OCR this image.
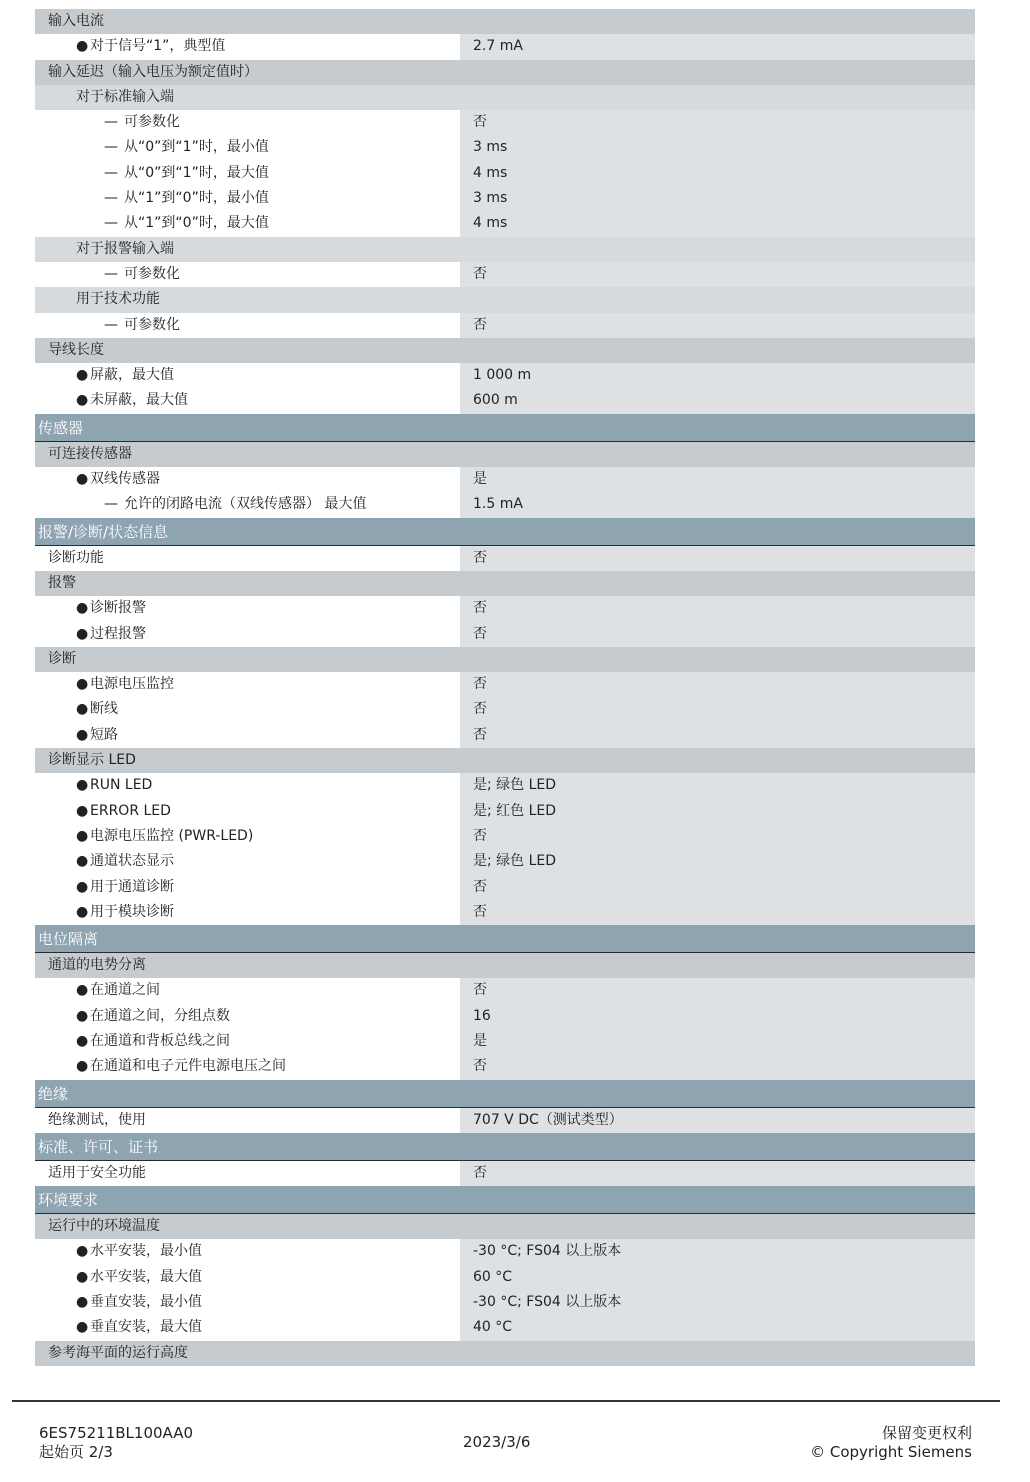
输入电流
● 对于信号“1”，典型值	2.7 mA
输入延迟（输入电压为额定值时）
对于标准输入端
— 可参数化	否
— 从“0”到“1”时，最小值	3 ms
— 从“0”到“1”时，最大值	4 ms
— 从“1”到“0”时，最小值	3 ms
— 从“1”到“0”时，最大值	4 ms
对于报警输入端
— 可参数化	否
用于技术功能
— 可参数化	否
导线长度
● 屏蔽，最大值	1 000 m
● 未屏蔽，最大值	600 m
传感器
可连接传感器
● 双线传感器	是
— 允许的闭路电流（双线传感器） 最大值	1.5 mA
报警/诊断/状态信息
诊断功能	否
报警
● 诊断报警	否
● 过程报警	否
诊断
● 电源电压监控	否
● 断线	否
● 短路	否
诊断显示 LED
● RUN LED	是; 绿色 LED
● ERROR LED	是; 红色 LED
● 电源电压监控 (PWR-LED)	否
● 通道状态显示	是; 绿色 LED
● 用于通道诊断	否
● 用于模块诊断	否
电位隔离
通道的电势分离
● 在通道之间	否
● 在通道之间，分组点数	16
● 在通道和背板总线之间	是
● 在通道和电子元件电源电压之间	否
绝缘
绝缘测试，使用	707 V DC（测试类型）
标准、许可、证书
适用于安全功能	否
环境要求
运行中的环境温度
● 水平安装，最小值	-30 °C; FS04 以上版本
● 水平安装，最大值	60 °C
● 垂直安装，最小值	-30 °C; FS04 以上版本
● 垂直安装，最大值	40 °C
参考海平面的运行高度
6ES75211BL100AA0
起始页 2/3
2023/3/6	保留变更权利
© Copyright Siemens
